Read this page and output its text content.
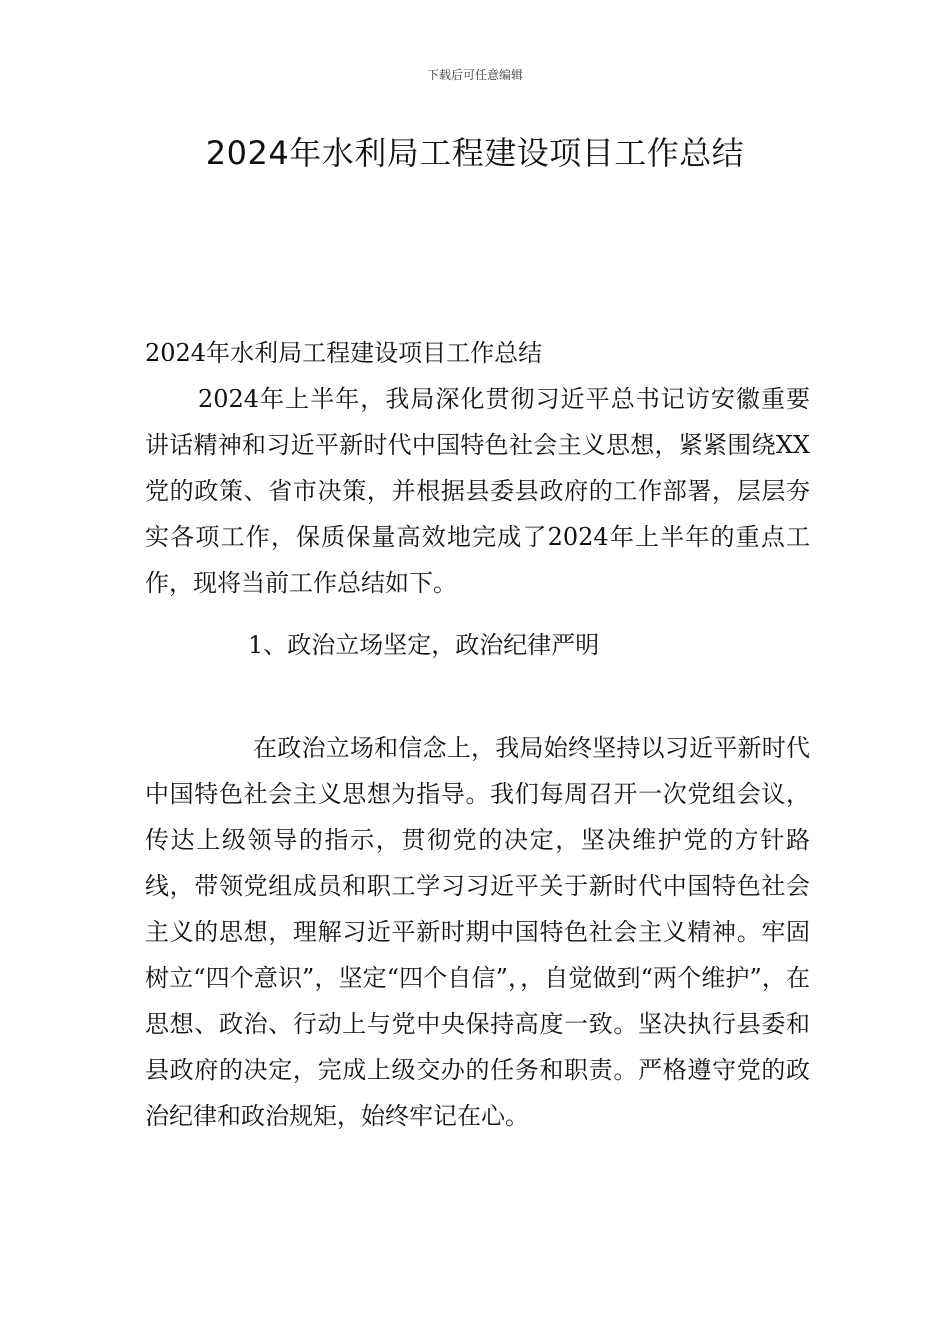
下载后可任意编辑
2024年水利局工程建设项目工作总结

2024年水利局工程建设项目工作总结

2024年上半年，我局深化贯彻习近平总书记访安徽重要讲话精神和习近平新时代中国特色社会主义思想，紧紧围绕XX党的政策、省市决策，并根据县委县政府的工作部署，层层夯实各项工作，保质保量高效地完成了2024年上半年的重点工作，现将当前工作总结如下。

1、政治立场坚定，政治纪律严明

在政治立场和信念上，我局始终坚持以习近平新时代中国特色社会主义思想为指导。我们每周召开一次党组会议，传达上级领导的指示，贯彻党的决定，坚决维护党的方针路线，带领党组成员和职工学习习近平关于新时代中国特色社会主义的思想，理解习近平新时期中国特色社会主义精神。牢固树立“四个意识”，坚定“四个自信”，，自觉做到“两个维护”，在思想、政治、行动上与党中央保持高度一致。坚决执行县委和县政府的决定，完成上级交办的任务和职责。严格遵守党的政治纪律和政治规矩，始终牢记在心。
